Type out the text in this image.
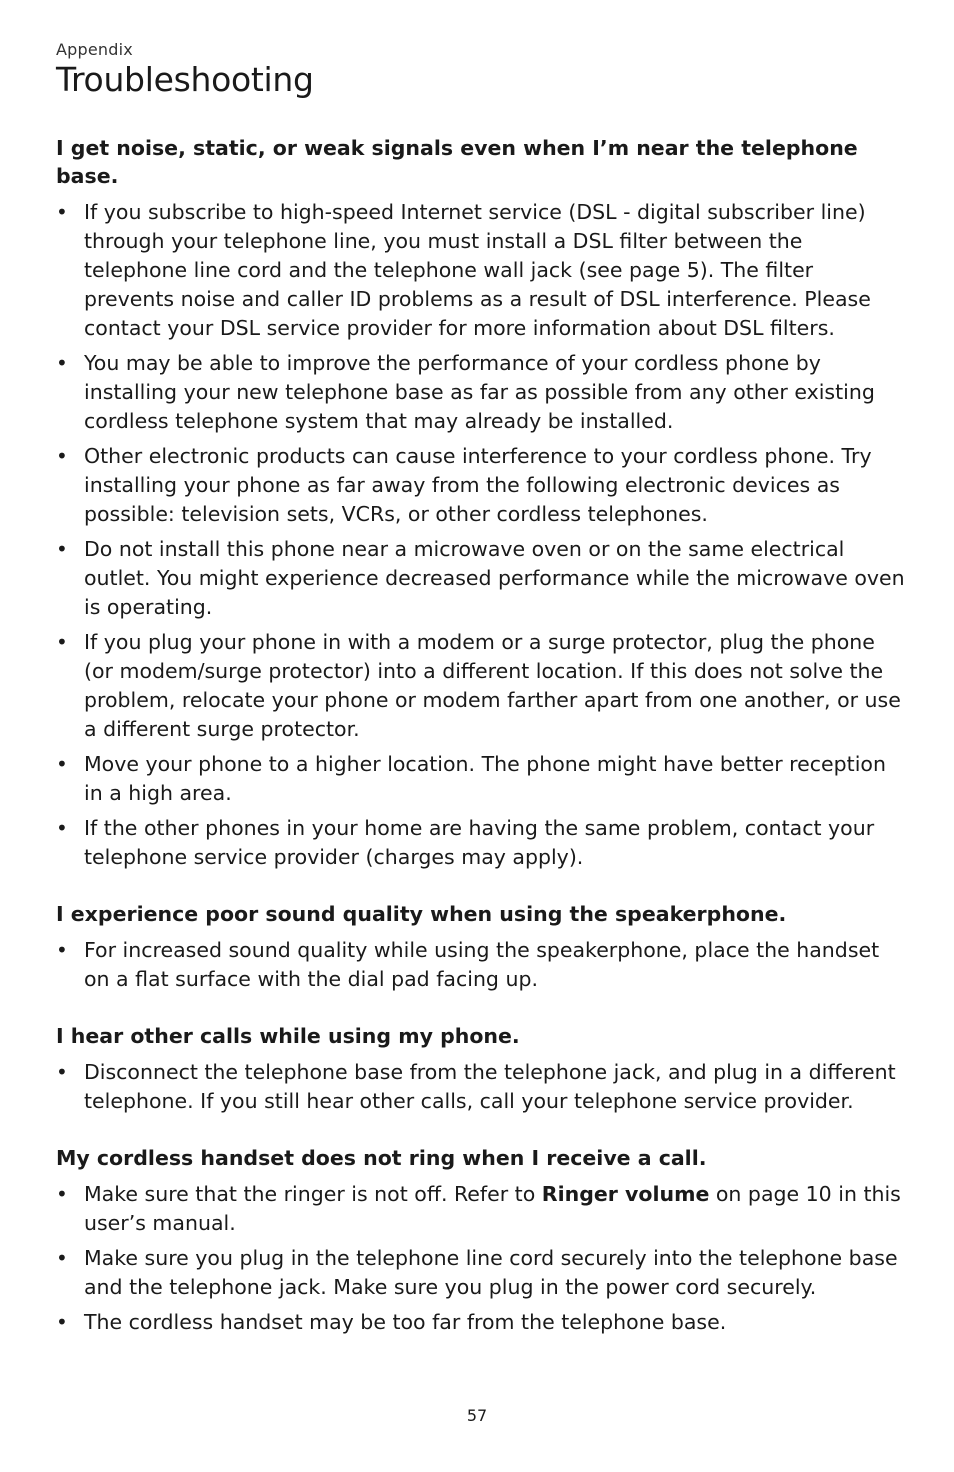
Appendix
Troubleshooting

I get noise, static, or weak signals even when I’m near the telephone base.

• If you subscribe to high-speed Internet service (DSL - digital subscriber line) through your telephone line, you must install a DSL filter between the telephone line cord and the telephone wall jack (see page 5). The filter prevents noise and caller ID problems as a result of DSL interference. Please contact your DSL service provider for more information about DSL filters.
• You may be able to improve the performance of your cordless phone by installing your new telephone base as far as possible from any other existing cordless telephone system that may already be installed.
• Other electronic products can cause interference to your cordless phone. Try installing your phone as far away from the following electronic devices as possible: television sets, VCRs, or other cordless telephones.
• Do not install this phone near a microwave oven or on the same electrical outlet. You might experience decreased performance while the microwave oven is operating.
• If you plug your phone in with a modem or a surge protector, plug the phone (or modem/surge protector) into a different location. If this does not solve the problem, relocate your phone or modem farther apart from one another, or use a different surge protector.
• Move your phone to a higher location. The phone might have better reception in a high area.
• If the other phones in your home are having the same problem, contact your telephone service provider (charges may apply).

I experience poor sound quality when using the speakerphone.

• For increased sound quality while using the speakerphone, place the handset on a flat surface with the dial pad facing up.

I hear other calls while using my phone.

• Disconnect the telephone base from the telephone jack, and plug in a different telephone. If you still hear other calls, call your telephone service provider.

My cordless handset does not ring when I receive a call.

• Make sure that the ringer is not off. Refer to Ringer volume on page 10 in this user’s manual.
• Make sure you plug in the telephone line cord securely into the telephone base and the telephone jack. Make sure you plug in the power cord securely.
• The cordless handset may be too far from the telephone base.
57
